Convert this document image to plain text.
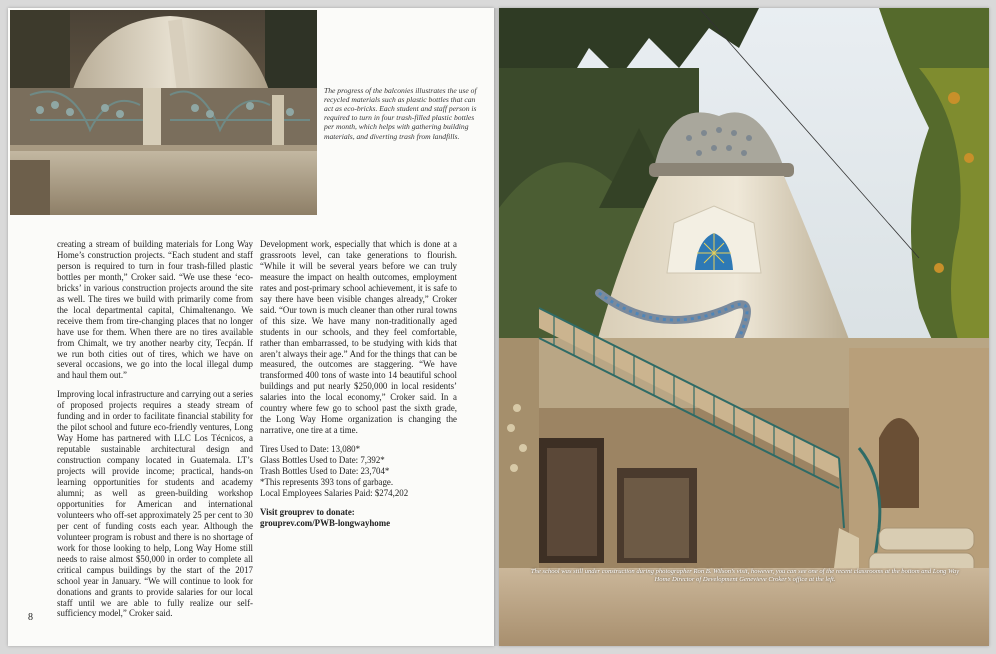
The progress of the balconies illustrates the use of recycled materials such as plastic bottles that can act as eco-bricks. Each student and staff person is required to turn in four trash-filled plastic bottles per month, which helps with gathering building materials, and diverting trash from landfills.

creating a stream of building materials for Long Way Home’s construction projects. “Each student and staff person is required to turn in four trash-filled plastic bottles per month,” Croker said. “We use these ‘eco-bricks’ in various construction projects around the site as well. The tires we build with primarily come from the local departmental capital, Chimaltenango. We receive them from tire-changing places that no longer have use for them. When there are no tires available from Chimalt, we try another nearby city, Tecpán. If we run both cities out of tires, which we have on several occasions, we go into the local illegal dump and haul them out.”

Improving local infrastructure and carrying out a series of proposed projects requires a steady stream of funding and in order to facilitate financial stability for the pilot school and future eco-friendly ventures, Long Way Home has partnered with LLC Los Técnicos, a reputable sustainable architectural design and construction company located in Guatemala. LT’s projects will provide income; practical, hands-on learning opportunities for students and academy alumni; as well as green-building workshop opportunities for American and international volunteers who off-set approximately 25 per cent to 30 per cent of funding costs each year. Although the volunteer program is robust and there is no shortage of work for those looking to help, Long Way Home still needs to raise almost $50,000 in order to complete all critical campus buildings by the start of the 2017 school year in January. “We will continue to look for donations and grants to provide salaries for our local staff until we are able to fully realize our self-sufficiency model,” Croker said.

Development work, especially that which is done at a grassroots level, can take generations to flourish. “While it will be several years before we can truly measure the impact on health outcomes, employment rates and post-primary school achievement, it is safe to say there have been visible changes already,” Croker said. “Our town is much cleaner than other rural towns of this size. We have many non-traditionally aged students in our schools, and they feel comfortable, rather than embarrassed, to be studying with kids that aren’t always their age.” And for the things that can be measured, the outcomes are staggering. “We have transformed 400 tons of waste into 14 beautiful school buildings and put nearly $250,000 in local residents’ salaries into the local economy,” Croker said. In a country where few go to school past the sixth grade, the Long Way Home organization is changing the narrative, one tire at a time.

Tires Used to Date: 13,080*

Glass Bottles Used to Date: 7,392*

Trash Bottles Used to Date: 23,704*

*This represents 393 tons of garbage.

Local Employees Salaries Paid: $274,202

Visit grouprev to donate:
grouprev.com/PWB-longwayhome
8
The school was still under construction during photographer Ron B. Wilson’s visit, however, you can see one of the recent classrooms at the bottom and Long Way Home Director of Development Genevieve Croker’s office at the left.
